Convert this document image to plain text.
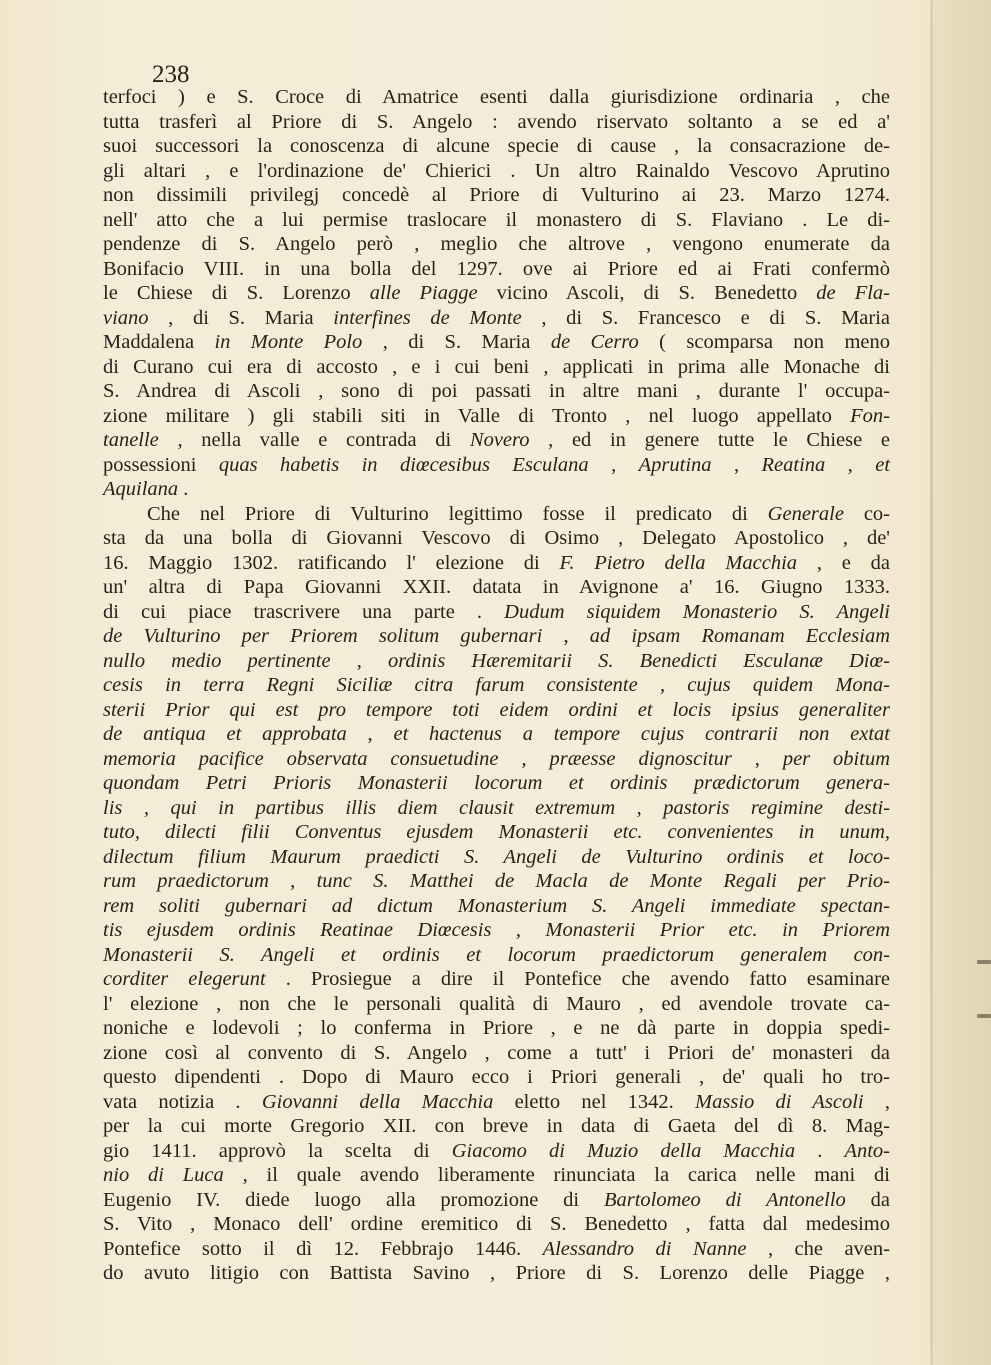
238
terfoci ) e S. Croce di Amatrice esenti dalla giurisdizione ordinaria , che
tutta trasferì al Priore di S. Angelo : avendo riservato soltanto a se ed a'
suoi successori la conoscenza di alcune specie di cause , la consacrazione de-
gli altari , e l'ordinazione de' Chierici . Un altro Rainaldo Vescovo Aprutino
non dissimili privilegj concedè al Priore di Vulturino ai 23. Marzo 1274.
nell' atto che a lui permise traslocare il monastero di S. Flaviano . Le di-
pendenze di S. Angelo però , meglio che altrove , vengono enumerate da
Bonifacio VIII. in una bolla del 1297. ove ai Priore ed ai Frati confermò
le Chiese di S. Lorenzo alle Piagge vicino Ascoli, di S. Benedetto de Fla-
viano , di S. Maria interfines de Monte , di S. Francesco e di S. Maria
Maddalena in Monte Polo , di S. Maria de Cerro ( scomparsa non meno
di Curano cui era di accosto , e i cui beni , applicati in prima alle Monache di
S. Andrea di Ascoli , sono di poi passati in altre mani , durante l' occupa-
zione militare ) gli stabili siti in Valle di Tronto , nel luogo appellato Fon-
tanelle , nella valle e contrada di Novero , ed in genere tutte le Chiese e
possessioni quas habetis in diœcesibus Esculana , Aprutina , Reatina , et
Aquilana .
Che nel Priore di Vulturino legittimo fosse il predicato di Generale co-
sta da una bolla di Giovanni Vescovo di Osimo , Delegato Apostolico , de'
16. Maggio 1302. ratificando l' elezione di F. Pietro della Macchia , e da
un' altra di Papa Giovanni XXII. datata in Avignone a' 16. Giugno 1333.
di cui piace trascrivere una parte . Dudum siquidem Monasterio S. Angeli
de Vulturino per Priorem solitum gubernari , ad ipsam Romanam Ecclesiam
nullo medio pertinente , ordinis Hæremitarii S. Benedicti Esculanæ Diœ-
cesis in terra Regni Siciliæ citra farum consistente , cujus quidem Mona-
sterii Prior qui est pro tempore toti eidem ordini et locis ipsius generaliter
de antiqua et approbata , et hactenus a tempore cujus contrarii non extat
memoria pacifice observata consuetudine , præesse dignoscitur , per obitum
quondam Petri Prioris Monasterii locorum et ordinis prædictorum genera-
lis , qui in partibus illis diem clausit extremum , pastoris regimine desti-
tuto, dilecti filii Conventus ejusdem Monasterii etc. convenientes in unum,
dilectum filium Maurum praedicti S. Angeli de Vulturino ordinis et loco-
rum praedictorum , tunc S. Matthei de Macla de Monte Regali per Prio-
rem soliti gubernari ad dictum Monasterium S. Angeli immediate spectan-
tis ejusdem ordinis Reatinae Diœcesis , Monasterii Prior etc. in Priorem
Monasterii S. Angeli et ordinis et locorum praedictorum generalem con-
corditer elegerunt . Prosiegue a dire il Pontefice che avendo fatto esaminare
l' elezione , non che le personali qualità di Mauro , ed avendole trovate ca-
noniche e lodevoli ; lo conferma in Priore , e ne dà parte in doppia spedi-
zione così al convento di S. Angelo , come a tutt' i Priori de' monasteri da
questo dipendenti . Dopo di Mauro ecco i Priori generali , de' quali ho tro-
vata notizia . Giovanni della Macchia eletto nel 1342. Massio di Ascoli ,
per la cui morte Gregorio XII. con breve in data di Gaeta del dì 8. Mag-
gio 1411. approvò la scelta di Giacomo di Muzio della Macchia . Anto-
nio di Luca , il quale avendo liberamente rinunciata la carica nelle mani di
Eugenio IV. diede luogo alla promozione di Bartolomeo di Antonello da
S. Vito , Monaco dell' ordine eremitico di S. Benedetto , fatta dal medesimo
Pontefice sotto il dì 12. Febbrajo 1446. Alessandro di Nanne , che aven-
do avuto litigio con Battista Savino , Priore di S. Lorenzo delle Piagge ,
